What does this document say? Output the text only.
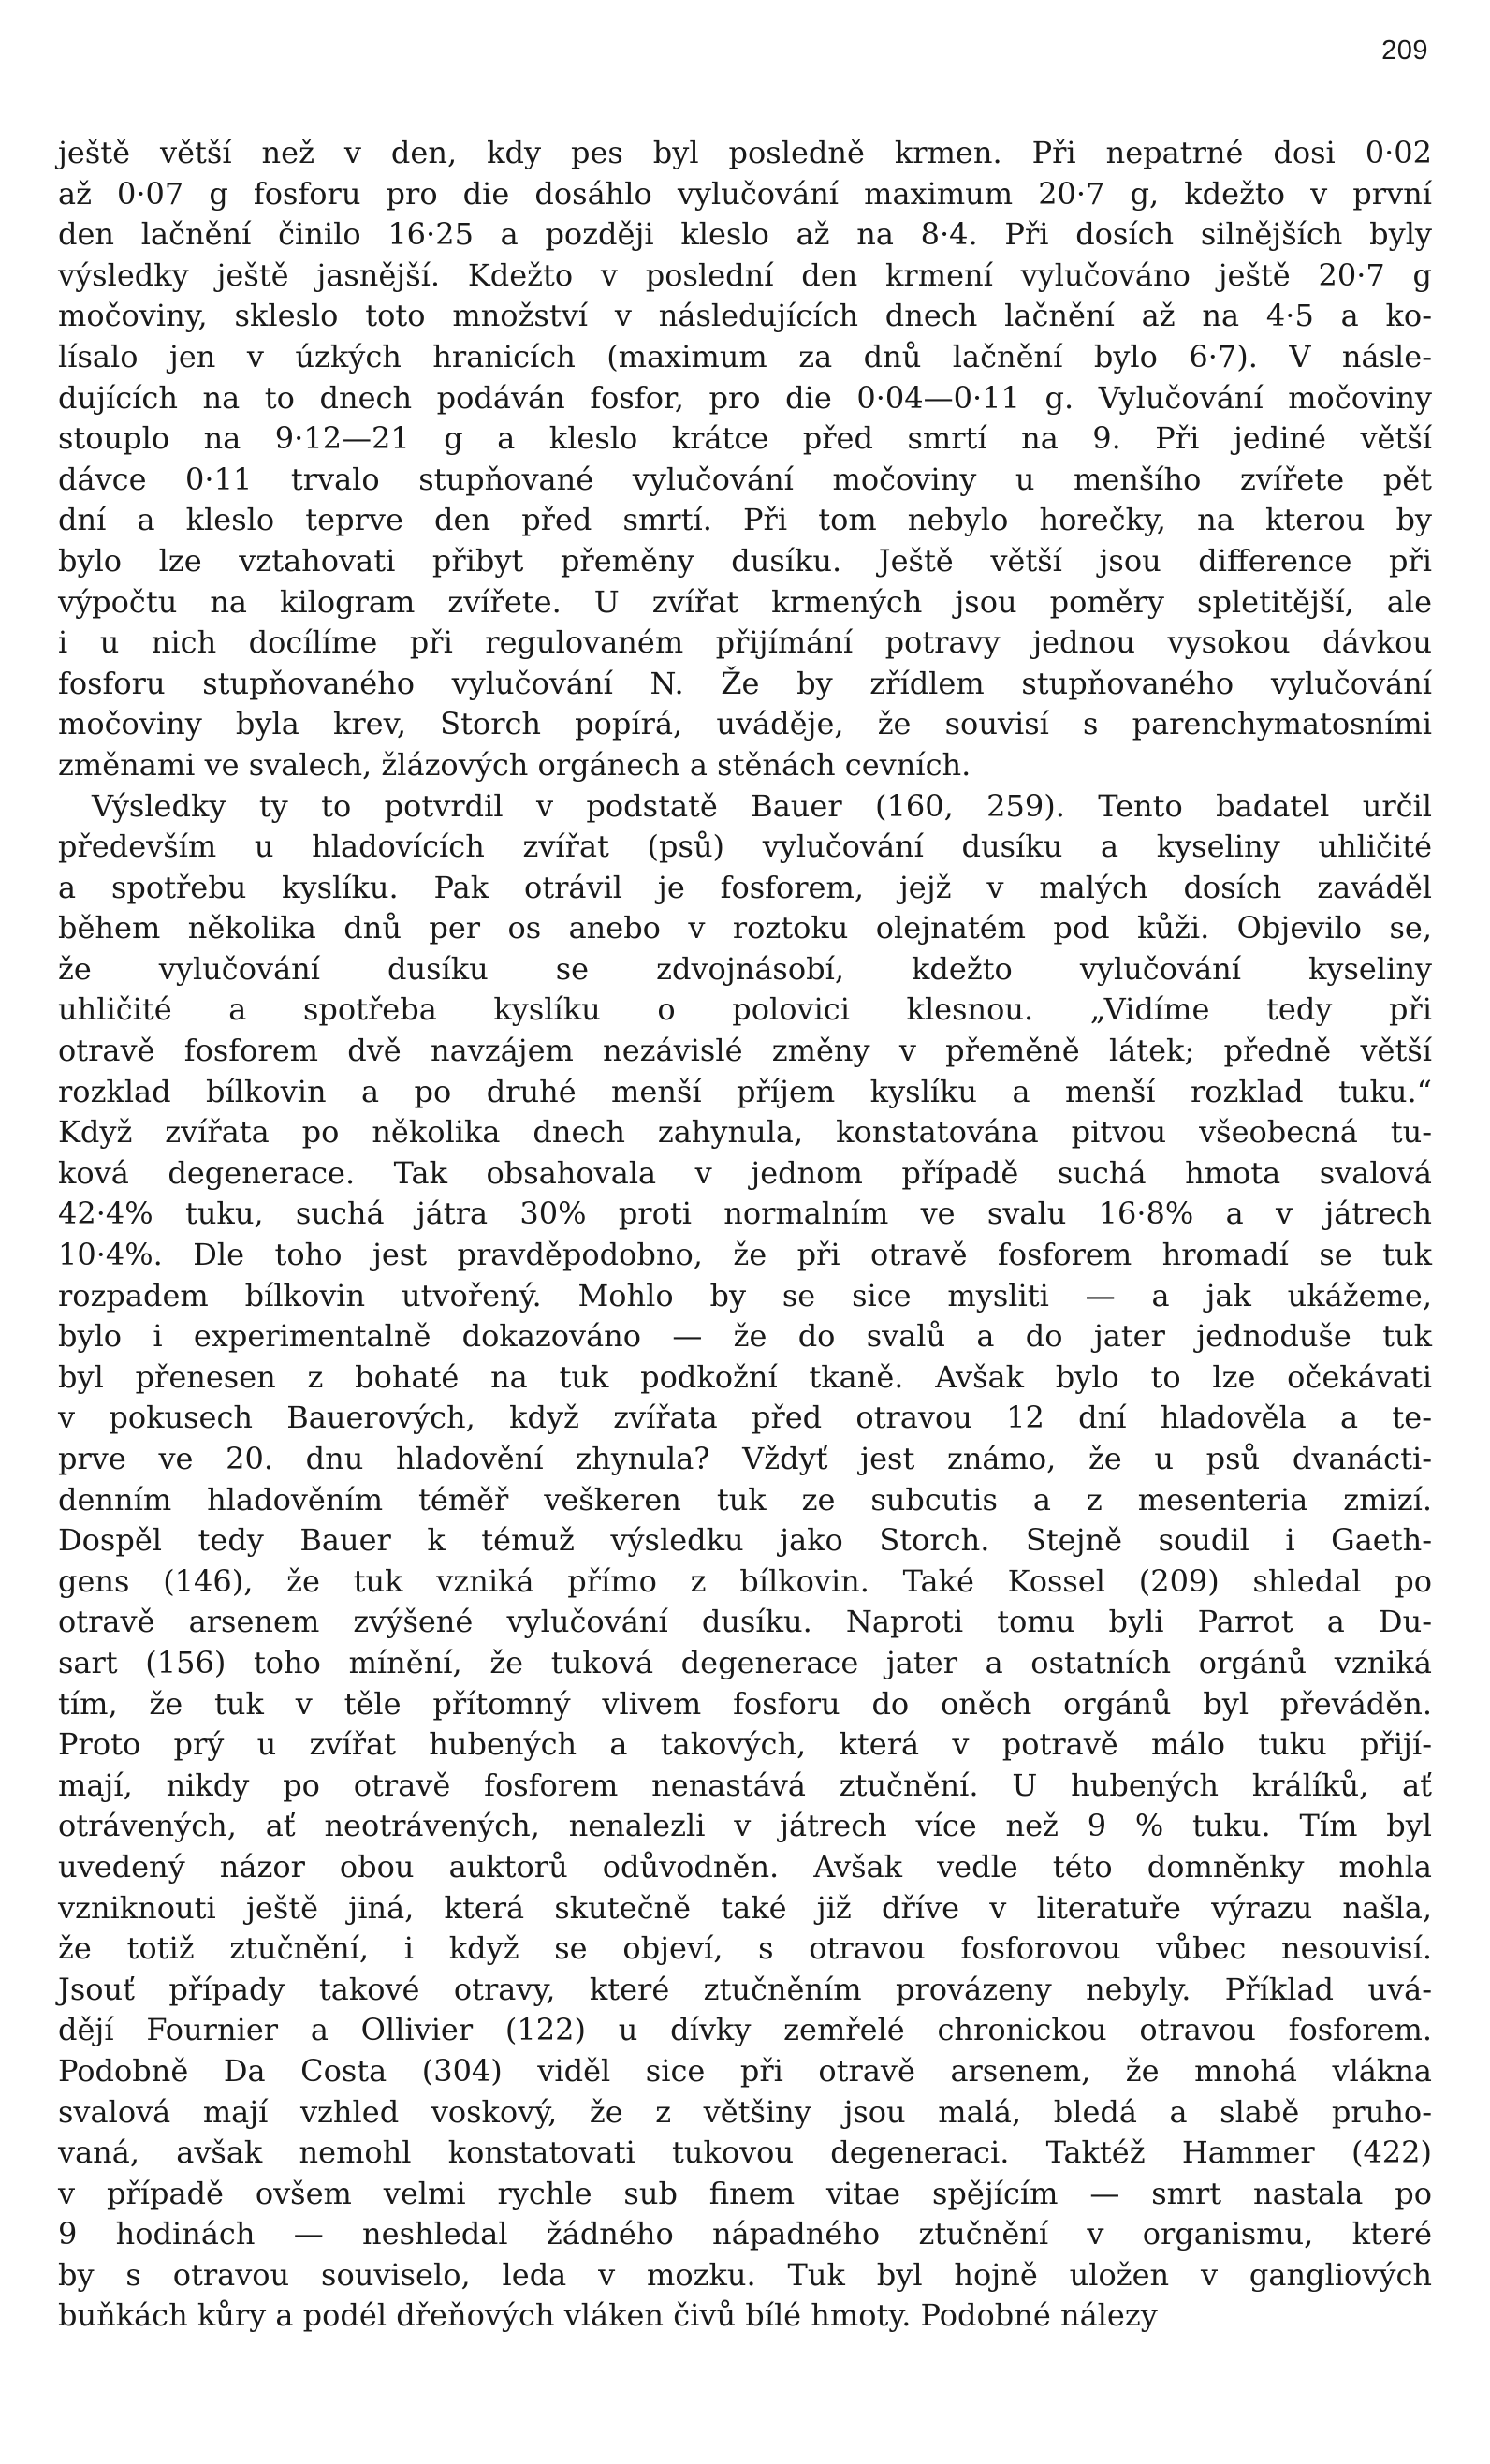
209
ještě větší než v den, kdy pes byl posledně krmen. Při nepatrné dosi 0·02
až 0·07 g fosforu pro die dosáhlo vylučování maximum 20·7 g, kdežto v první
den lačnění činilo 16·25 a později kleslo až na 8·4. Při dosích silnějších byly
výsledky ještě jasnější. Kdežto v poslední den krmení vylučováno ještě 20·7 g
močoviny, skleslo toto množství v následujících dnech lačnění až na 4·5 a ko-
lísalo jen v úzkých hranicích (maximum za dnů lačnění bylo 6·7). V násle-
dujících na to dnech podáván fosfor, pro die 0·04—0·11 g. Vylučování močoviny
stouplo na 9·12—21 g a kleslo krátce před smrtí na 9. Při jediné větší
dávce 0·11 trvalo stupňované vylučování močoviny u menšího zvířete pět
dní a kleslo teprve den před smrtí. Při tom nebylo horečky, na kterou by
bylo lze vztahovati přibyt přeměny dusíku. Ještě větší jsou difference při
výpočtu na kilogram zvířete. U zvířat krmených jsou poměry spletitější, ale
i u nich docílíme při regulovaném přijímání potravy jednou vysokou dávkou
fosforu stupňovaného vylučování N. Že by zřídlem stupňovaného vylučování
močoviny byla krev, Storch popírá, uváděje, že souvisí s parenchymatosními
změnami ve svalech, žlázových orgánech a stěnách cevních.
Výsledky ty to potvrdil v podstatě Bauer (160, 259). Tento badatel určil
především u hladovících zvířat (psů) vylučování dusíku a kyseliny uhličité
a spotřebu kyslíku. Pak otrávil je fosforem, jejž v malých dosích zaváděl
během několika dnů per os anebo v roztoku olejnatém pod kůži. Objevilo se,
že vylučování dusíku se zdvojnásobí, kdežto vylučování kyseliny
uhličité a spotřeba kyslíku o polovici klesnou. „Vidíme tedy při
otravě fosforem dvě navzájem nezávislé změny v přeměně látek; předně větší
rozklad bílkovin a po druhé menší příjem kyslíku a menší rozklad tuku.“
Když zvířata po několika dnech zahynula, konstatována pitvou všeobecná tu-
ková degenerace. Tak obsahovala v jednom případě suchá hmota svalová
42·4% tuku, suchá játra 30% proti normalním ve svalu 16·8% a v játrech
10·4%. Dle toho jest pravděpodobno, že při otravě fosforem hromadí se tuk
rozpadem bílkovin utvořený. Mohlo by se sice mysliti — a jak ukážeme,
bylo i experimentalně dokazováno — že do svalů a do jater jednoduše tuk
byl přenesen z bohaté na tuk podkožní tkaně. Avšak bylo to lze očekávati
v pokusech Bauerových, když zvířata před otravou 12 dní hladověla a te-
prve ve 20. dnu hladovění zhynula? Vždyť jest známo, že u psů dvanácti-
denním hladověním téměř veškeren tuk ze subcutis a z mesenteria zmizí.
Dospěl tedy Bauer k témuž výsledku jako Storch. Stejně soudil i Gaeth-
gens (146), že tuk vzniká přímo z bílkovin. Také Kossel (209) shledal po
otravě arsenem zvýšené vylučování dusíku. Naproti tomu byli Parrot a Du-
sart (156) toho mínění, že tuková degenerace jater a ostatních orgánů vzniká
tím, že tuk v těle přítomný vlivem fosforu do oněch orgánů byl převáděn.
Proto prý u zvířat hubených a takových, která v potravě málo tuku přijí-
mají, nikdy po otravě fosforem nenastává ztučnění. U hubených králíků, ať
otrávených, ať neotrávených, nenalezli v játrech více než 9 % tuku. Tím byl
uvedený názor obou auktorů odůvodněn. Avšak vedle této domněnky mohla
vzniknouti ještě jiná, která skutečně také již dříve v literatuře výrazu našla,
že totiž ztučnění, i když se objeví, s otravou fosforovou vůbec nesouvisí.
Jsouť případy takové otravy, které ztučněním provázeny nebyly. Příklad uvá-
dějí Fournier a Ollivier (122) u dívky zemřelé chronickou otravou fosforem.
Podobně Da Costa (304) viděl sice při otravě arsenem, že mnohá vlákna
svalová mají vzhled voskový, že z většiny jsou malá, bledá a slabě pruho-
vaná, avšak nemohl konstatovati tukovou degeneraci. Taktéž Hammer (422)
v případě ovšem velmi rychle sub finem vitae spějícím — smrt nastala po
9 hodinách — neshledal žádného nápadného ztučnění v organismu, které
by s otravou souviselo, leda v mozku. Tuk byl hojně uložen v gangliových
buňkách kůry a podél dřeňových vláken čivů bílé hmoty. Podobné nálezy
